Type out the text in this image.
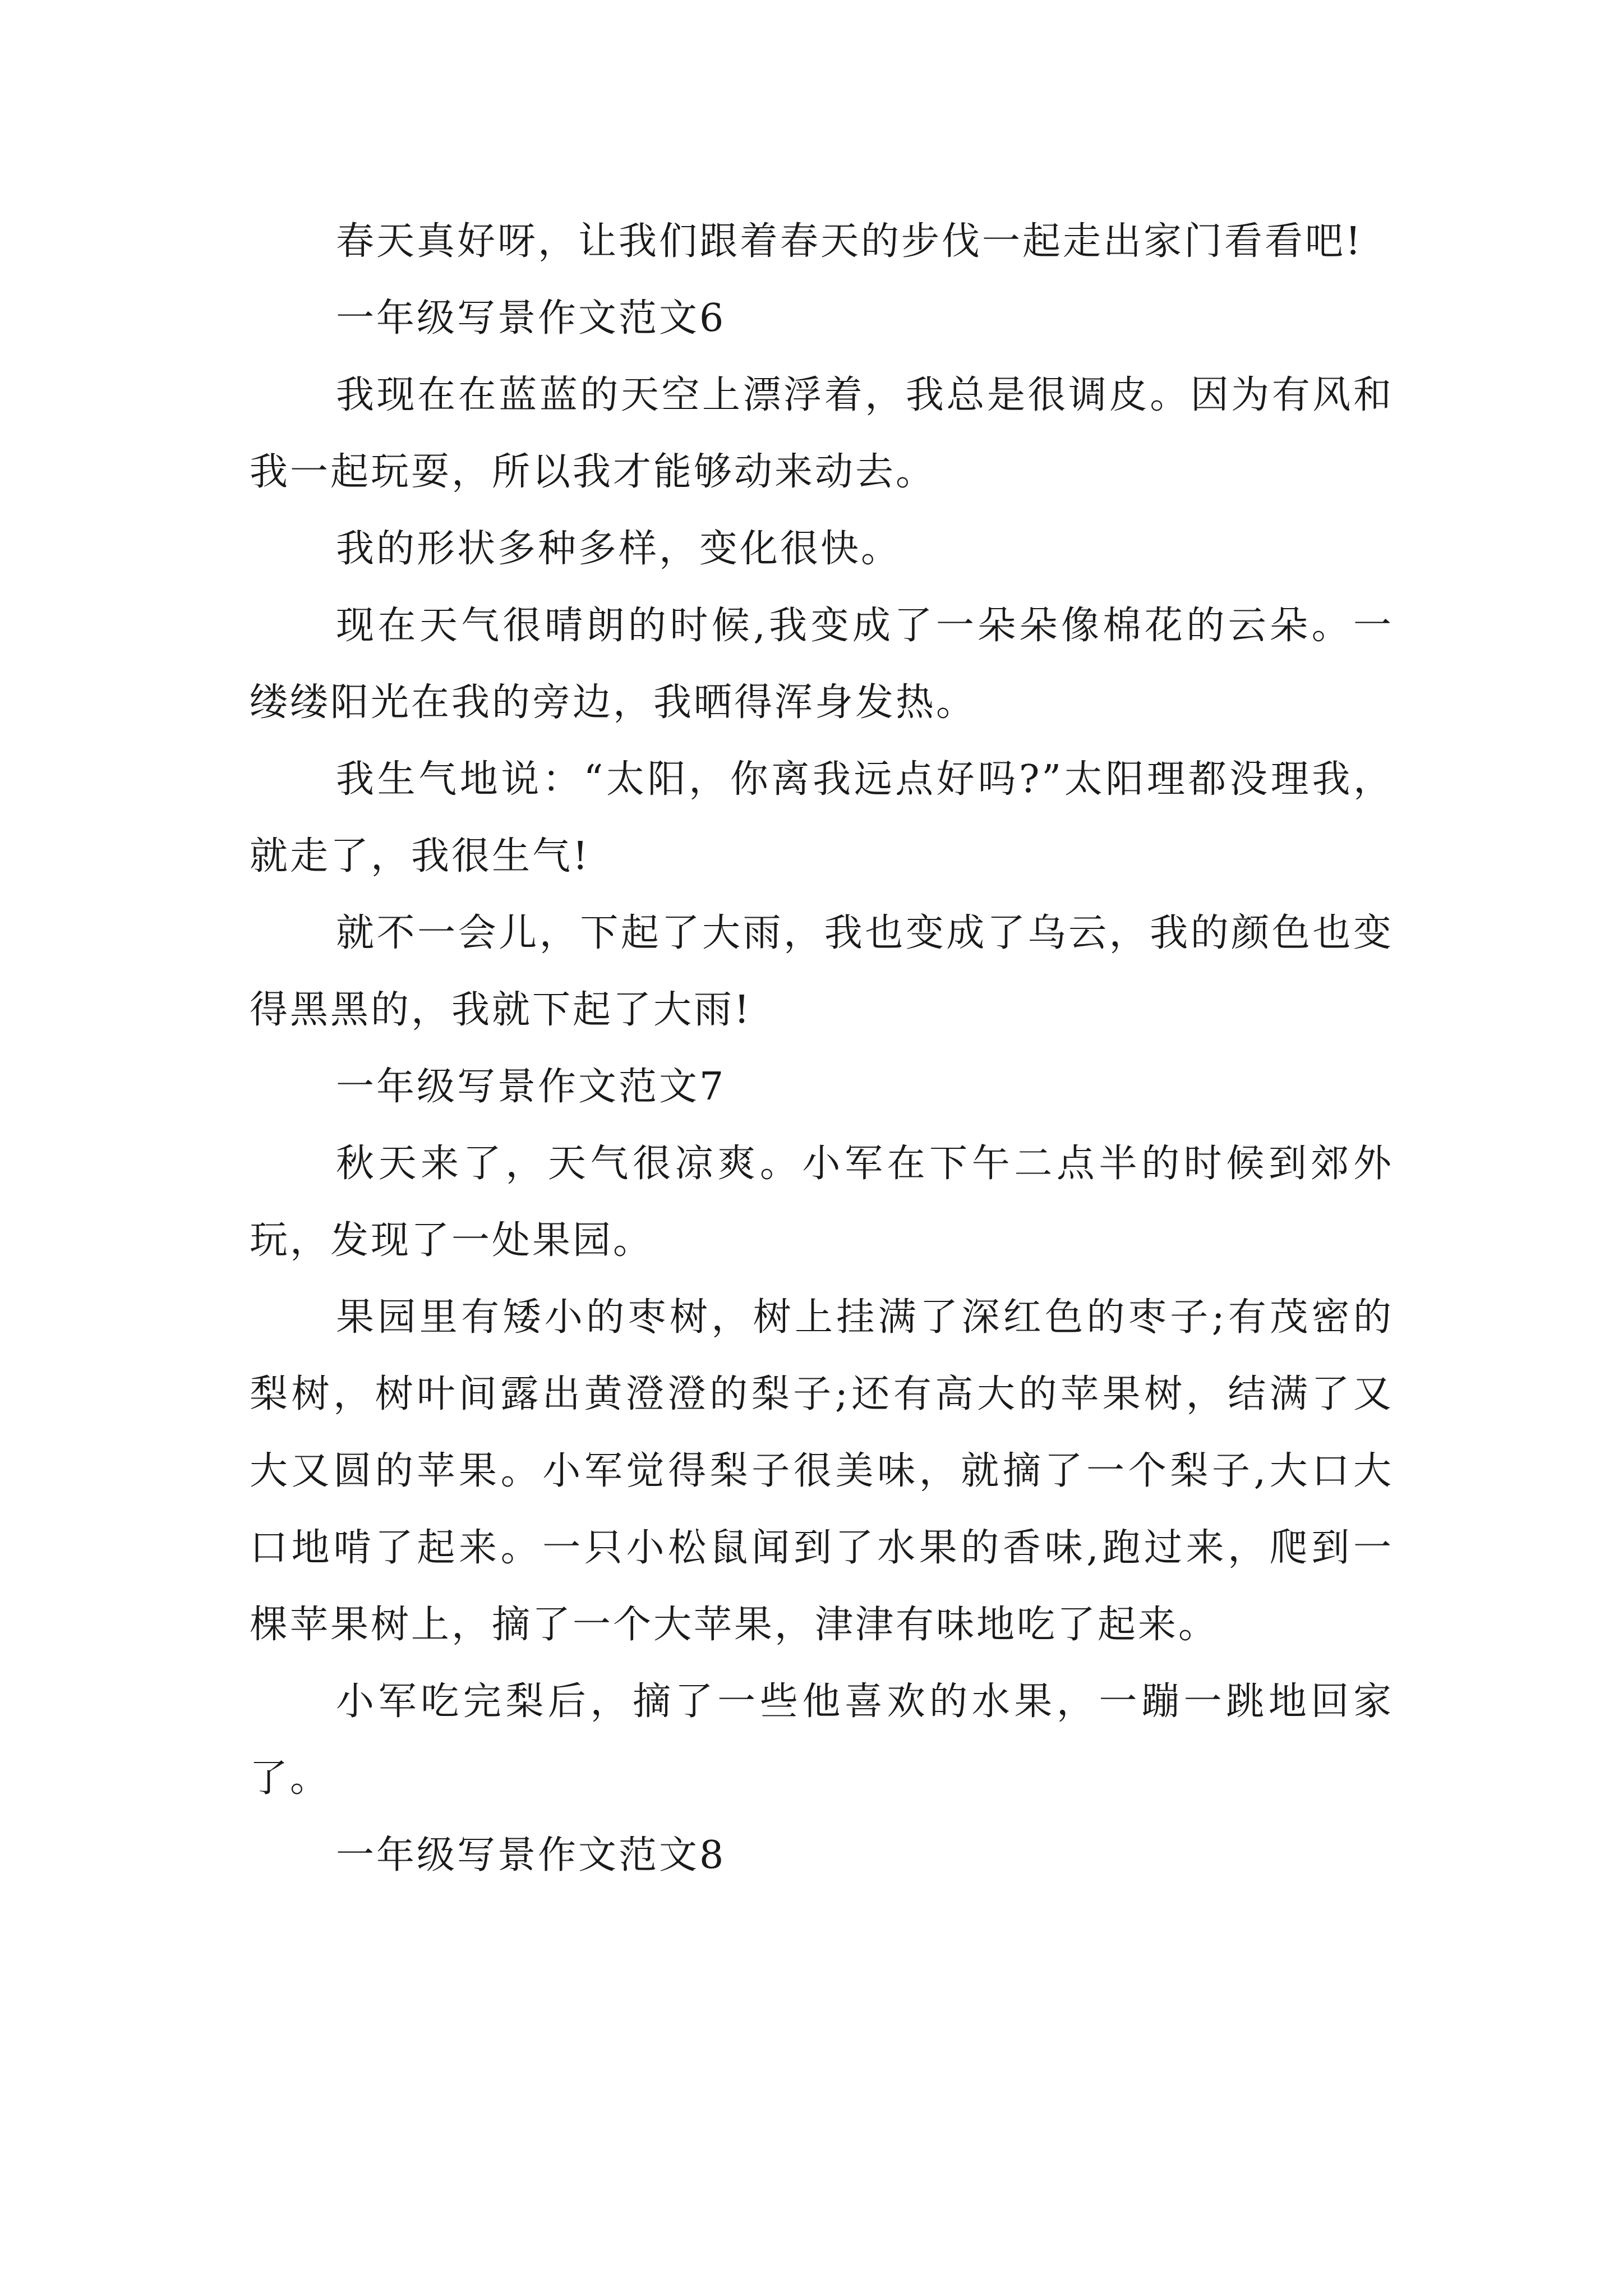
春天真好呀，让我们跟着春天的步伐一起走出家门看看吧!

一年级写景作文范文6

我现在在蓝蓝的天空上漂浮着，我总是很调皮。因为有风和我一起玩耍，所以我才能够动来动去。

我的形状多种多样，变化很快。

现在天气很晴朗的时候,我变成了一朵朵像棉花的云朵。一缕缕阳光在我的旁边，我晒得浑身发热。

我生气地说：“太阳，你离我远点好吗?”太阳理都没理我，就走了，我很生气!

就不一会儿，下起了大雨，我也变成了乌云，我的颜色也变得黑黑的，我就下起了大雨!

一年级写景作文范文7

秋天来了，天气很凉爽。小军在下午二点半的时候到郊外玩，发现了一处果园。

果园里有矮小的枣树，树上挂满了深红色的枣子;有茂密的梨树，树叶间露出黄澄澄的梨子;还有高大的苹果树，结满了又大又圆的苹果。小军觉得梨子很美味，就摘了一个梨子,大口大口地啃了起来。一只小松鼠闻到了水果的香味,跑过来，爬到一棵苹果树上，摘了一个大苹果，津津有味地吃了起来。

小军吃完梨后，摘了一些他喜欢的水果，一蹦一跳地回家了。

一年级写景作文范文8
